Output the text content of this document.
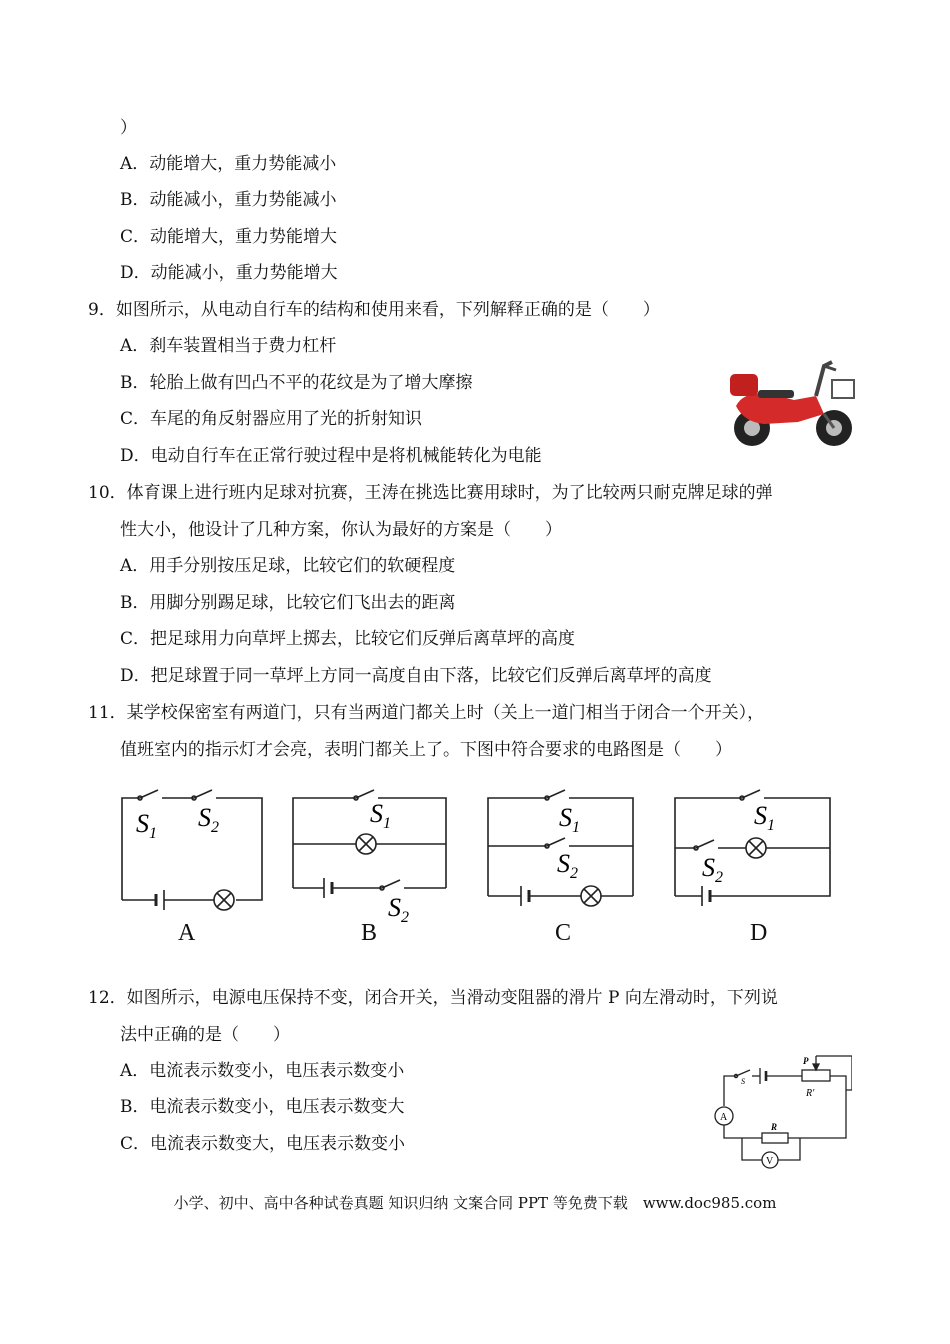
）
A．动能增大，重力势能减小
B．动能减小，重力势能减小
C．动能增大，重力势能增大
D．动能减小，重力势能增大
9．如图所示，从电动自行车的结构和使用来看，下列解释正确的是（　　）
A．刹车装置相当于费力杠杆
B．轮胎上做有凹凸不平的花纹是为了增大摩擦
C．车尾的角反射器应用了光的折射知识
D．电动自行车在正常行驶过程中是将机械能转化为电能
10．体育课上进行班内足球对抗赛，王涛在挑选比赛用球时，为了比较两只耐克牌足球的弹
性大小，他设计了几种方案，你认为最好的方案是（　　）
A．用手分别按压足球，比较它们的软硬程度
B．用脚分别踢足球，比较它们飞出去的距离
C．把足球用力向草坪上掷去，比较它们反弹后离草坪的高度
D．把足球置于同一草坪上方同一高度自由下落，比较它们反弹后离草坪的高度
11．某学校保密室有两道门，只有当两道门都关上时（关上一道门相当于闭合一个开关），
值班室内的指示灯才会亮，表明门都关上了。下图中符合要求的电路图是（　　）
$S_1$
$S_2$
A
$S_1$
$S_2$
B
$S_1$
$S_2$
C
$S_1$
$S_2$
D
12．如图所示，电源电压保持不变，闭合开关，当滑动变阻器的滑片 P 向左滑动时，下列说
法中正确的是（　　）
A．电流表示数变小，电压表示数变小
B．电流表示数变小，电压表示数变大
C．电流表示数变大，电压表示数变小
P
R′
S
A
R
V
小学、初中、高中各种试卷真题 知识归纳 文案合同 PPT 等免费下载　www.doc985.com
